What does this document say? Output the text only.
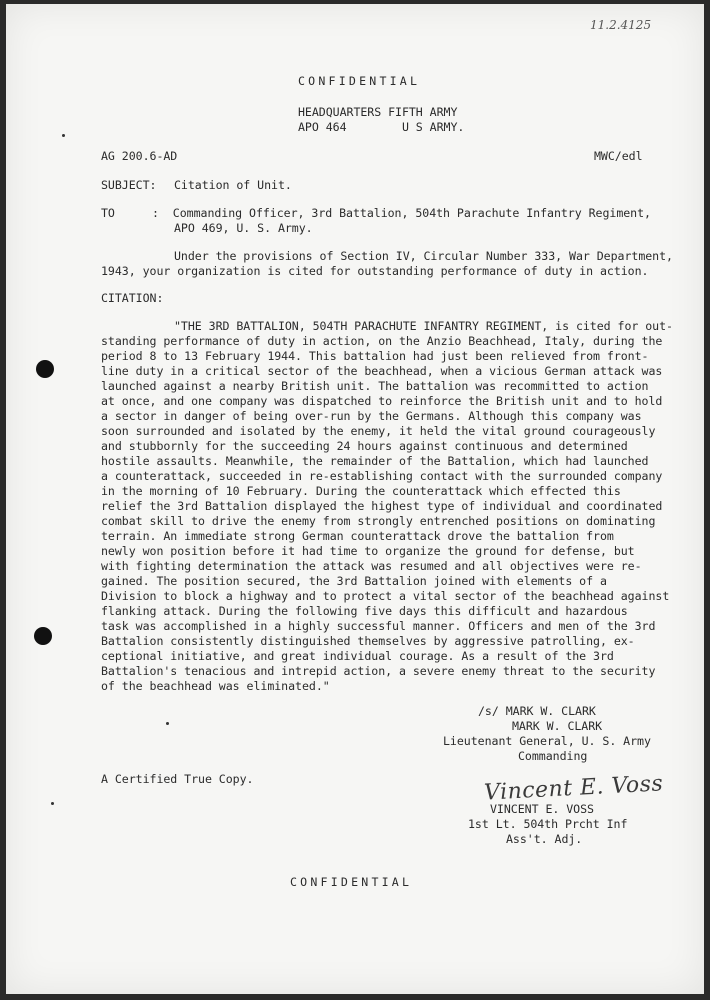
11.2.4125
CONFIDENTIAL
HEADQUARTERS FIFTH ARMY
APO 464        U S ARMY.
AG 200.6-AD	MWC/edl
SUBJECT: Citation of Unit.
TO	:  Commanding Officer, 3rd Battalion, 504th Parachute Infantry Regiment,
APO 469, U. S. Army.
Under the provisions of Section IV, Circular Number 333, War Department,
1943, your organization is cited for outstanding performance of duty in action.
CITATION:
"THE 3RD BATTALION, 504TH PARACHUTE INFANTRY REGIMENT, is cited for out-
standing performance of duty in action, on the Anzio Beachhead, Italy, during the
period 8 to 13 February 1944. This battalion had just been relieved from front-
line duty in a critical sector of the beachhead, when a vicious German attack was
launched against a nearby British unit. The battalion was recommitted to action
at once, and one company was dispatched to reinforce the British unit and to hold
a sector in danger of being over-run by the Germans. Although this company was
soon surrounded and isolated by the enemy, it held the vital ground courageously
and stubbornly for the succeeding 24 hours against continuous and determined
hostile assaults. Meanwhile, the remainder of the Battalion, which had launched
a counterattack, succeeded in re-establishing contact with the surrounded company
in the morning of 10 February. During the counterattack which effected this
relief the 3rd Battalion displayed the highest type of individual and coordinated
combat skill to drive the enemy from strongly entrenched positions on dominating
terrain. An immediate strong German counterattack drove the battalion from
newly won position before it had time to organize the ground for defense, but
with fighting determination the attack was resumed and all objectives were re-
gained. The position secured, the 3rd Battalion joined with elements of a
Division to block a highway and to protect a vital sector of the beachhead against
flanking attack. During the following five days this difficult and hazardous
task was accomplished in a highly successful manner. Officers and men of the 3rd
Battalion consistently distinguished themselves by aggressive patrolling, ex-
ceptional initiative, and great individual courage. As a result of the 3rd
Battalion's tenacious and intrepid action, a severe enemy threat to the security
of the beachhead was eliminated."
/s/ MARK W. CLARK
MARK W. CLARK
Lieutenant General, U. S. Army
Commanding
A Certified True Copy.	Vincent E. Voss
VINCENT E. VOSS
1st Lt. 504th Prcht Inf
Ass't. Adj.
CONFIDENTIAL
